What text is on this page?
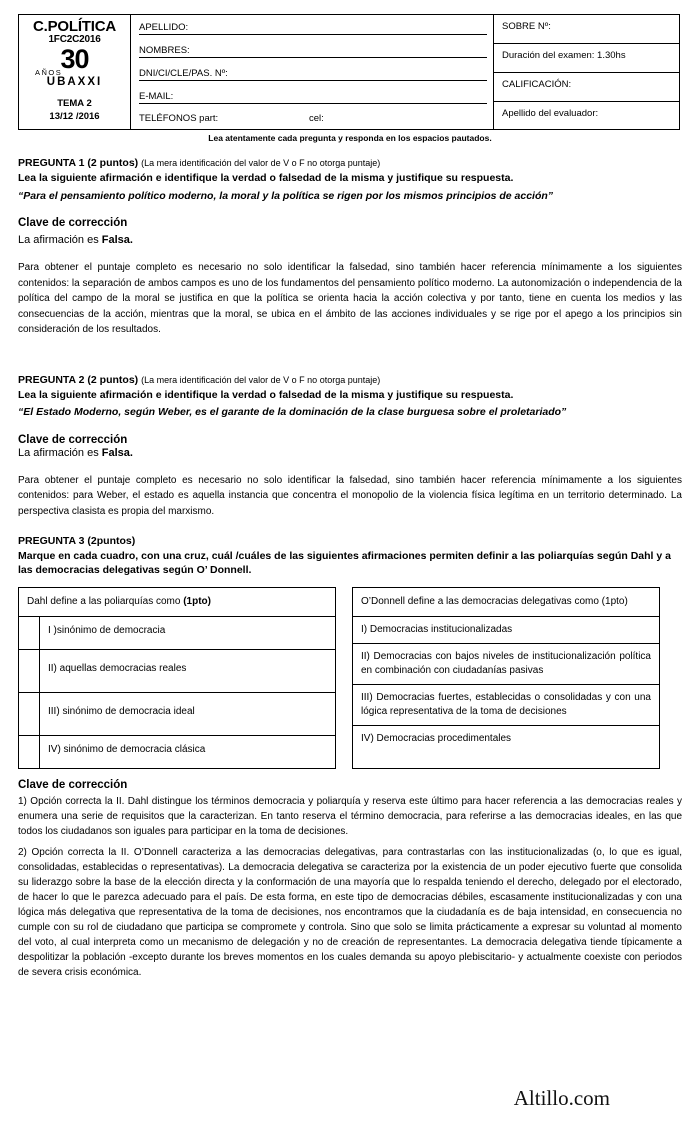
C.POLÍTICA
1FC2C2016
30
AÑOS
UBAXXI
TEMA 2
13/12 /2016
APELLIDO:
NOMBRES:
DNI/CI/CLE/PAS. Nº:
E-MAIL:
TELÉFONOS part:	cel:
SOBRE Nº:
Duración del examen: 1.30hs
CALIFICACIÓN:
Apellido del evaluador:
Lea atentamente cada pregunta y responda en los espacios pautados.
PREGUNTA 1 (2 puntos) (La mera identificación del valor de V o F no otorga puntaje)
Lea la siguiente afirmación e identifique la verdad o falsedad de la misma y justifique su respuesta.
“Para el pensamiento político moderno, la moral y la política se rigen por los mismos principios de acción”
Clave de corrección
La afirmación es Falsa.
Para obtener el puntaje completo es necesario no solo identificar la falsedad, sino también hacer referencia mínimamente a los siguientes contenidos: la separación de ambos campos es uno de los fundamentos del pensamiento político moderno. La autonomización o independencia de la política del campo de la moral se justifica en que la política se orienta hacia la acción colectiva y por tanto, tiene en cuenta los medios y las consecuencias de la acción, mientras que la moral, se ubica en el ámbito de las acciones individuales y se rige por el apego a los principios sin consideración de los resultados.
PREGUNTA 2 (2 puntos) (La mera identificación del valor de V o F no otorga puntaje)
Lea la siguiente afirmación e identifique la verdad o falsedad de la misma y justifique su respuesta.
“El Estado Moderno, según Weber, es el garante de la dominación de la clase burguesa sobre el proletariado”
Clave de corrección
La afirmación es Falsa.
Para obtener el puntaje completo es necesario no solo identificar la falsedad, sino también hacer referencia mínimamente a los siguientes contenidos: para Weber, el estado es aquella instancia que concentra el monopolio de la violencia física legítima en un territorio determinado. La perspectiva clasista es propia del marxismo.
PREGUNTA 3 (2puntos)
Marque en cada cuadro, con una cruz, cuál /cuáles de las siguientes afirmaciones permiten definir a las poliarquías según Dahl y a las democracias delegativas según O’ Donnell.
Dahl define a las poliarquías como (1pto)
I )sinónimo de democracia
II) aquellas democracias reales
III) sinónimo de democracia ideal
IV) sinónimo de democracia clásica
O’Donnell define a las democracias delegativas como (1pto)
I) Democracias institucionalizadas
II) Democracias con bajos niveles de institucionalización política en combinación con ciudadanías pasivas
III) Democracias fuertes, establecidas o consolidadas y con una lógica representativa de la toma de decisiones
IV) Democracias procedimentales
Clave de corrección
1) Opción correcta la II. Dahl distingue los términos democracia y poliarquía y reserva este último para hacer referencia a las democracias reales y enumera una serie de requisitos que la caracterizan. En tanto reserva el término democracia, para referirse a las democracias ideales, en las que todos los ciudadanos son iguales para participar en la toma de decisiones.
2) Opción correcta la II. O’Donnell caracteriza a las democracias delegativas, para contrastarlas con las institucionalizadas (o, lo que es igual, consolidadas, establecidas o representativas). La democracia delegativa se caracteriza por la existencia de un poder ejecutivo fuerte que consolida su liderazgo sobre la base de la elección directa y la conformación de una mayoría que lo respalda teniendo el derecho, delegado por el electorado, de hacer lo que le parezca adecuado para el país. De esta forma, en este tipo de democracias débiles, escasamente institucionalizadas y con una lógica más delegativa que representativa de la toma de decisiones, nos encontramos que la ciudadanía es de baja intensidad, en consecuencia no cumple con su rol de ciudadano que participa se compromete y controla. Sino que solo se limita prácticamente a expresar su voluntad al momento del voto, al cual interpreta como un mecanismo de delegación y no de creación de representantes. La democracia delegativa tiende típicamente a despolitizar la población -excepto durante los breves momentos en los cuales demanda su apoyo plebiscitario- y actualmente coexiste con periodos de severa crisis económica.
Altillo.com
